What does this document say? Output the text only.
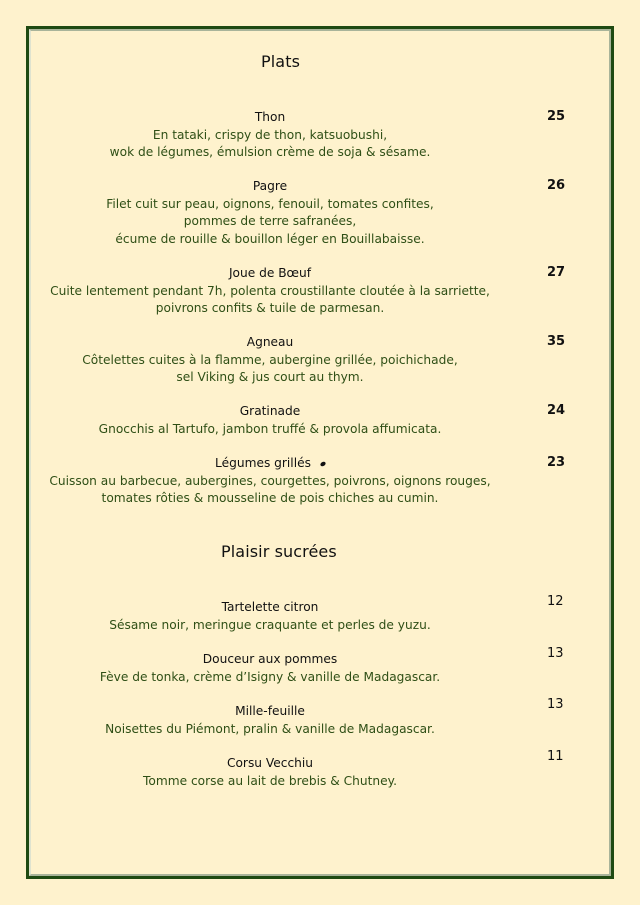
Plats
Thon
En tataki, crispy de thon, katsuobushi,
wok de légumes, émulsion crème de soja & sésame.
25
Pagre
Filet cuit sur peau, oignons, fenouil, tomates confites,
pommes de terre safranées,
écume de rouille & bouillon léger en Bouillabaisse.
26
Joue de Bœuf
Cuite lentement pendant 7h, polenta croustillante cloutée à la sarriette,
poivrons confits & tuile de parmesan.
27
Agneau
Côtelettes cuites à la flamme, aubergine grillée, poichichade,
sel Viking & jus court au thym.
35
Gratinade
Gnocchis al Tartufo, jambon truffé & provola affumicata.
24
Légumes grillés
Cuisson au barbecue, aubergines, courgettes, poivrons, oignons rouges,
tomates rôties & mousseline de pois chiches au cumin.
23
Plaisir sucrées
Tartelette citron
Sésame noir, meringue craquante et perles de yuzu.
12
Douceur aux pommes
Fève de tonka, crème d’Isigny & vanille de Madagascar.
13
Mille-feuille
Noisettes du Piémont, pralin & vanille de Madagascar.
13
Corsu Vecchiu
Tomme corse au lait de brebis & Chutney.
11
